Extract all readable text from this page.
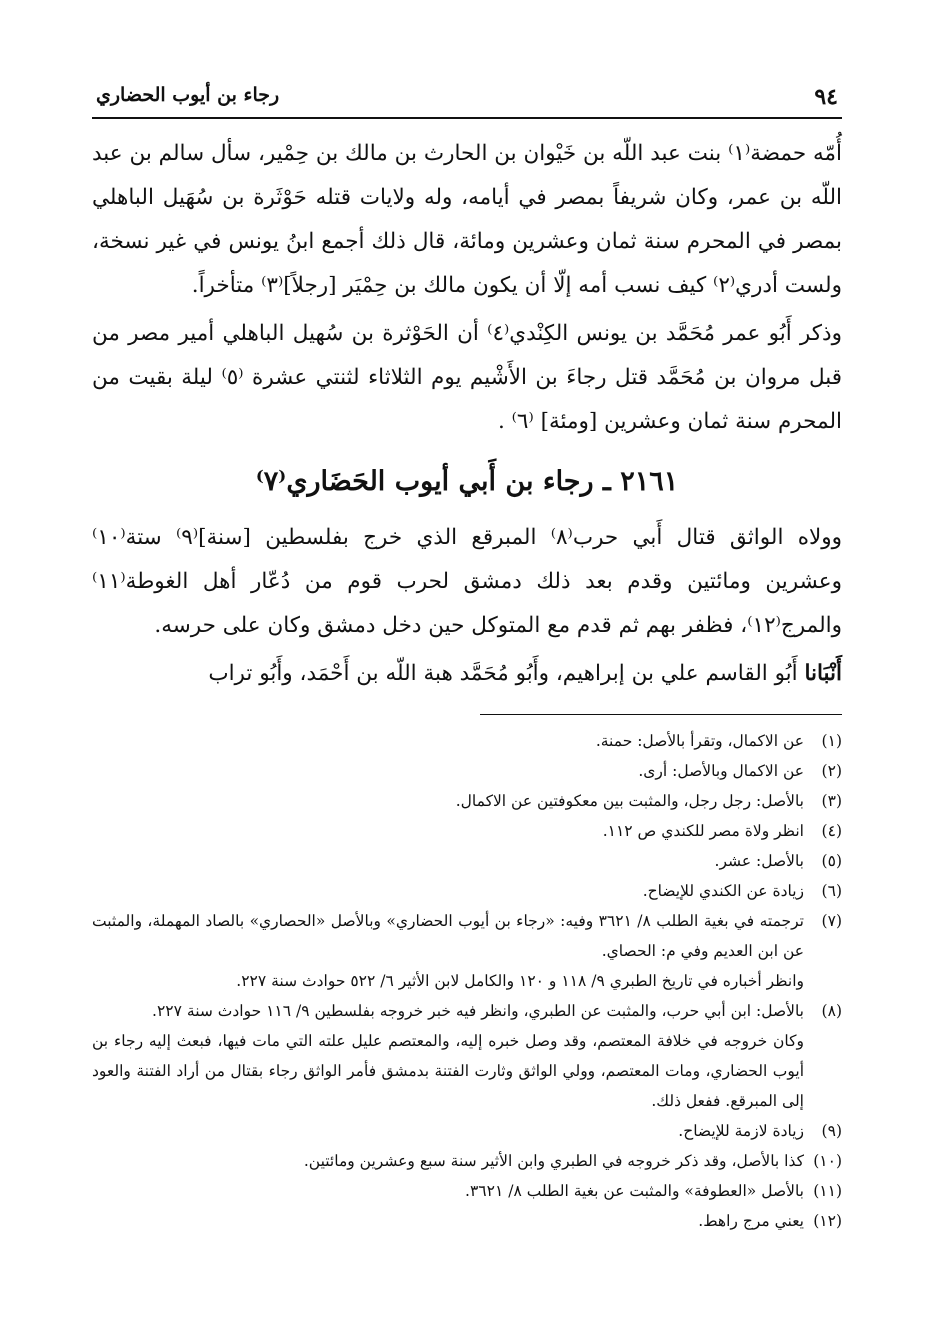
٩٤
رجاء بن أيوب الحضاري

أُمّه حمضة⁽١⁾ بنت عبد اللّه بن خَيْوان بن الحارث بن مالك بن حِمْير، سأل سالم بن عبد اللّه بن عمر، وكان شريفاً بمصر في أيامه، وله ولايات قتله حَوْثَرة بن سُهَيل الباهلي بمصر في المحرم سنة ثمان وعشرين ومائة، قال ذلك أجمع ابنُ يونس في غير نسخة، ولست أدري⁽٢⁾ كيف نسب أمه إلّا أن يكون مالك بن حِمْيَر [رجلاً]⁽٣⁾ متأخراً.

وذكر أَبُو عمر مُحَمَّد بن يونس الكِنْدي⁽٤⁾ أن الحَوْثرة بن سُهيل الباهلي أمير مصر من قبل مروان بن مُحَمَّد قتل رجاءَ بن الأَشْيم يوم الثلاثاء لثنتي عشرة ⁽٥⁾ ليلة بقيت من المحرم سنة ثمان وعشرين [ومئة] ⁽٦⁾ .

٢١٦١ ـ رجاء بن أَبي أيوب الحَضَاري⁽٧⁾

وولاه الواثق قتال أَبي حرب⁽٨⁾ المبرقع الذي خرج بفلسطين [سنة]⁽٩⁾ ستة⁽١٠⁾ وعشرين ومائتين وقدم بعد ذلك دمشق لحرب قوم من دُعّار أهل الغوطة⁽١١⁾ والمرج⁽١٢⁾، فظفر بهم ثم قدم مع المتوكل حين دخل دمشق وكان على حرسه.

أَنْبَانا أَبُو القاسم علي بن إبراهيم، وأَبُو مُحَمَّد هبة اللّه بن أَحْمَد، وأَبُو تراب

(١)
عن الاكمال، وتقرأ بالأصل: حمنة.
(٢)
عن الاكمال وبالأصل: أرى.
(٣)
بالأصل: رجل رجل، والمثبت بين معكوفتين عن الاكمال.
(٤)
انظر ولاة مصر للكندي ص ١١٢.
(٥)
بالأصل: عشر.
(٦)
زيادة عن الكندي للإيضاح.
(٧)
ترجمته في بغية الطلب ٨/ ٣٦٢١ وفيه: «رجاء بن أيوب الحضاري» وبالأصل «الحصاري» بالصاد المهملة، والمثبت عن ابن العديم وفي م: الحصاي.
وانظر أخباره في تاريخ الطبري ٩/ ١١٨ و ١٢٠ والكامل لابن الأثير ٦/ ٥٢٢ حوادث سنة ٢٢٧.
(٨)
بالأصل: ابن أبي حرب، والمثبت عن الطبري، وانظر فيه خبر خروجه بفلسطين ٩/ ١١٦ حوادث سنة ٢٢٧.
وكان خروجه في خلافة المعتصم، وقد وصل خبره إليه، والمعتصم عليل علته التي مات فيها، فبعث إليه رجاء بن أيوب الحضاري، ومات المعتصم، وولي الواثق وثارت الفتنة بدمشق فأمر الواثق رجاء بقتال من أراد الفتنة والعود إلى المبرقع. ففعل ذلك.
(٩)
زيادة لازمة للإيضاح.
(١٠)
كذا بالأصل، وقد ذكر خروجه في الطبري وابن الأثير سنة سبع وعشرين ومائتين.
(١١)
بالأصل «العطوفة» والمثبت عن بغية الطلب ٨/ ٣٦٢١.
(١٢)
يعني مرج راهط.
